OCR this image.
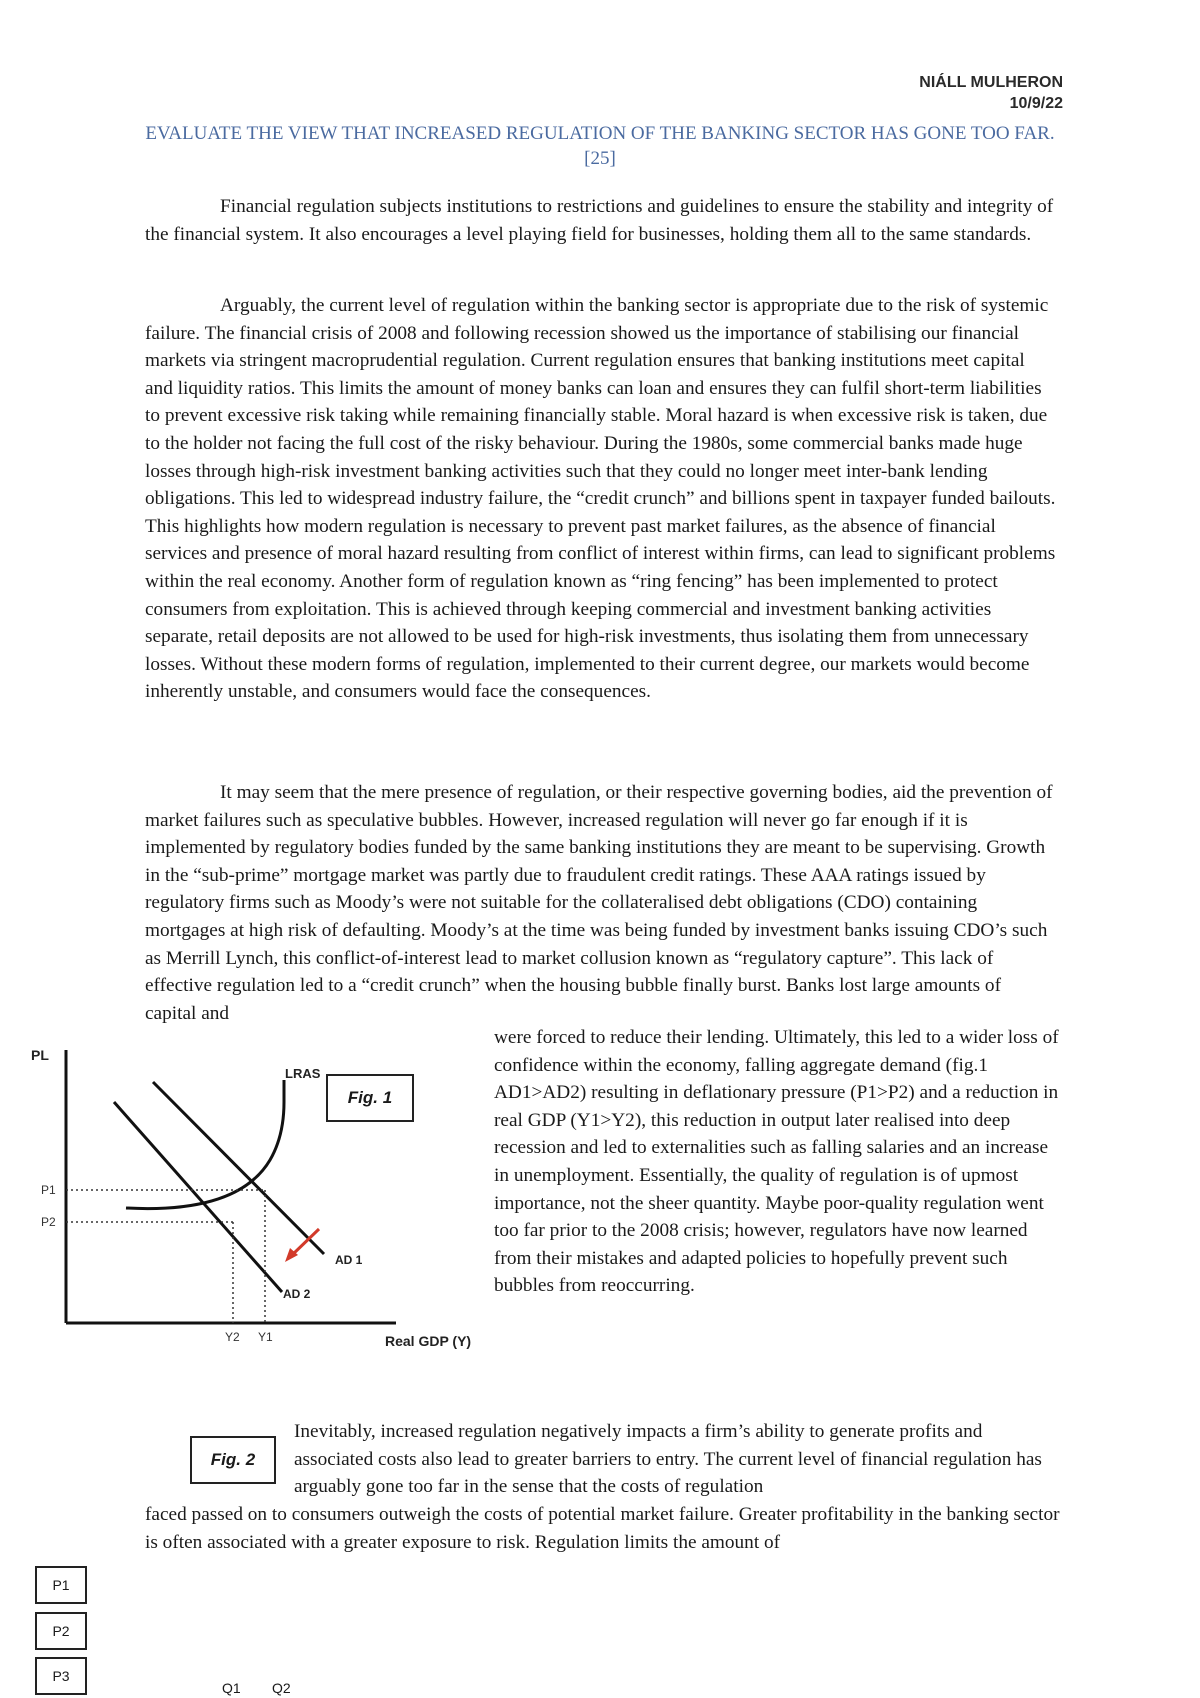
NIÁLL MULHERON
10/9/22
EVALUATE THE VIEW THAT INCREASED REGULATION OF THE BANKING SECTOR HAS GONE TOO FAR. [25]
Financial regulation subjects institutions to restrictions and guidelines to ensure the stability and integrity of the financial system. It also encourages a level playing field for businesses, holding them all to the same standards.
Arguably, the current level of regulation within the banking sector is appropriate due to the risk of systemic failure. The financial crisis of 2008 and following recession showed us the importance of stabilising our financial markets via stringent macroprudential regulation. Current regulation ensures that banking institutions meet capital and liquidity ratios. This limits the amount of money banks can loan and ensures they can fulfil short-term liabilities to prevent excessive risk taking while remaining financially stable. Moral hazard is when excessive risk is taken, due to the holder not facing the full cost of the risky behaviour. During the 1980s, some commercial banks made huge losses through high-risk investment banking activities such that they could no longer meet inter-bank lending obligations. This led to widespread industry failure, the “credit crunch” and billions spent in taxpayer funded bailouts. This highlights how modern regulation is necessary to prevent past market failures, as the absence of financial services and presence of moral hazard resulting from conflict of interest within firms, can lead to significant problems within the real economy. Another form of regulation known as “ring fencing” has been implemented to protect consumers from exploitation. This is achieved through keeping commercial and investment banking activities separate, retail deposits are not allowed to be used for high-risk investments, thus isolating them from unnecessary losses. Without these modern forms of regulation, implemented to their current degree, our markets would become inherently unstable, and consumers would face the consequences.
It may seem that the mere presence of regulation, or their respective governing bodies, aid the prevention of market failures such as speculative bubbles. However, increased regulation will never go far enough if it is implemented by regulatory bodies funded by the same banking institutions they are meant to be supervising. Growth in the “sub-prime” mortgage market was partly due to fraudulent credit ratings. These AAA ratings issued by regulatory firms such as Moody’s were not suitable for the collateralised debt obligations (CDO) containing mortgages at high risk of defaulting. Moody’s at the time was being funded by investment banks issuing CDO’s such as Merrill Lynch, this conflict-of-interest lead to market collusion known as “regulatory capture”. This lack of effective regulation led to a “credit crunch” when the housing bubble finally burst. Banks lost large amounts of capital and
PL
Real GDP (Y)
LRAS
AD 1
AD 2
P1
P2
Y2 Y1
Fig. 1
were forced to reduce their lending. Ultimately, this led to a wider loss of confidence within the economy, falling aggregate demand (fig.1 AD1>AD2) resulting in deflationary pressure (P1>P2) and a reduction in real GDP (Y1>Y2), this reduction in output later realised into deep recession and led to externalities such as falling salaries and an increase in unemployment. Essentially, the quality of regulation is of upmost importance, not the sheer quantity. Maybe poor-quality regulation went too far prior to the 2008 crisis; however, regulators have now learned from their mistakes and adapted policies to hopefully prevent such bubbles from reoccurring.
Fig. 2
Inevitably, increased regulation negatively impacts a firm’s ability to generate profits and associated costs also lead to greater barriers to entry. The current level of financial regulation has arguably gone too far in the sense that the costs of regulation
faced passed on to consumers outweigh the costs of potential market failure. Greater profitability in the banking sector is often associated with a greater exposure to risk. Regulation limits the amount of
P1
P2
P3
Q1 Q2
